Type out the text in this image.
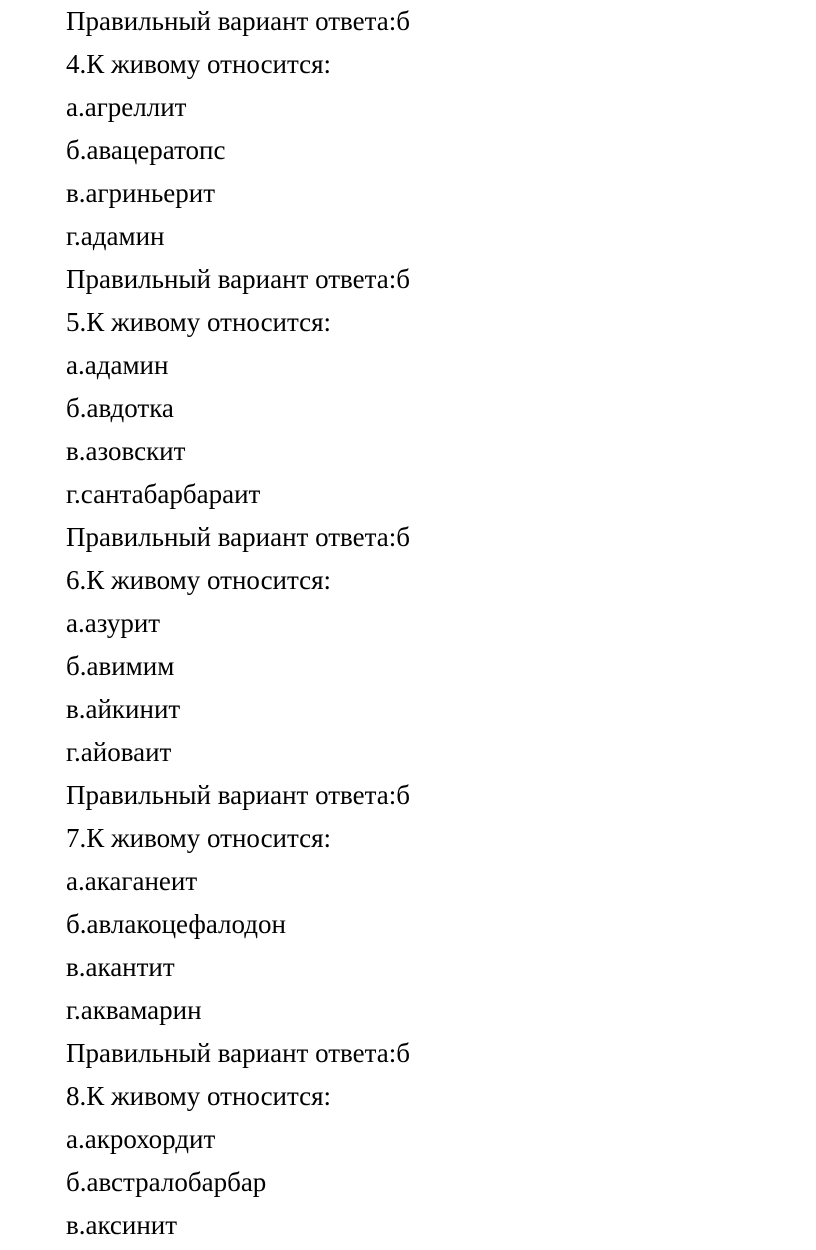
Правильный вариант ответа:б
4.К живому относится:
а.агреллит
б.авацератопс
в.агриньерит
г.адамин
Правильный вариант ответа:б
5.К живому относится:
а.адамин
б.авдотка
в.азовскит
г.сантабарбараит
Правильный вариант ответа:б
6.К живому относится:
а.азурит
б.авимим
в.айкинит
г.айоваит
Правильный вариант ответа:б
7.К живому относится:
а.акаганеит
б.авлакоцефалодон
в.акантит
г.аквамарин
Правильный вариант ответа:б
8.К живому относится:
а.акрохордит
б.австралобарбар
в.аксинит
